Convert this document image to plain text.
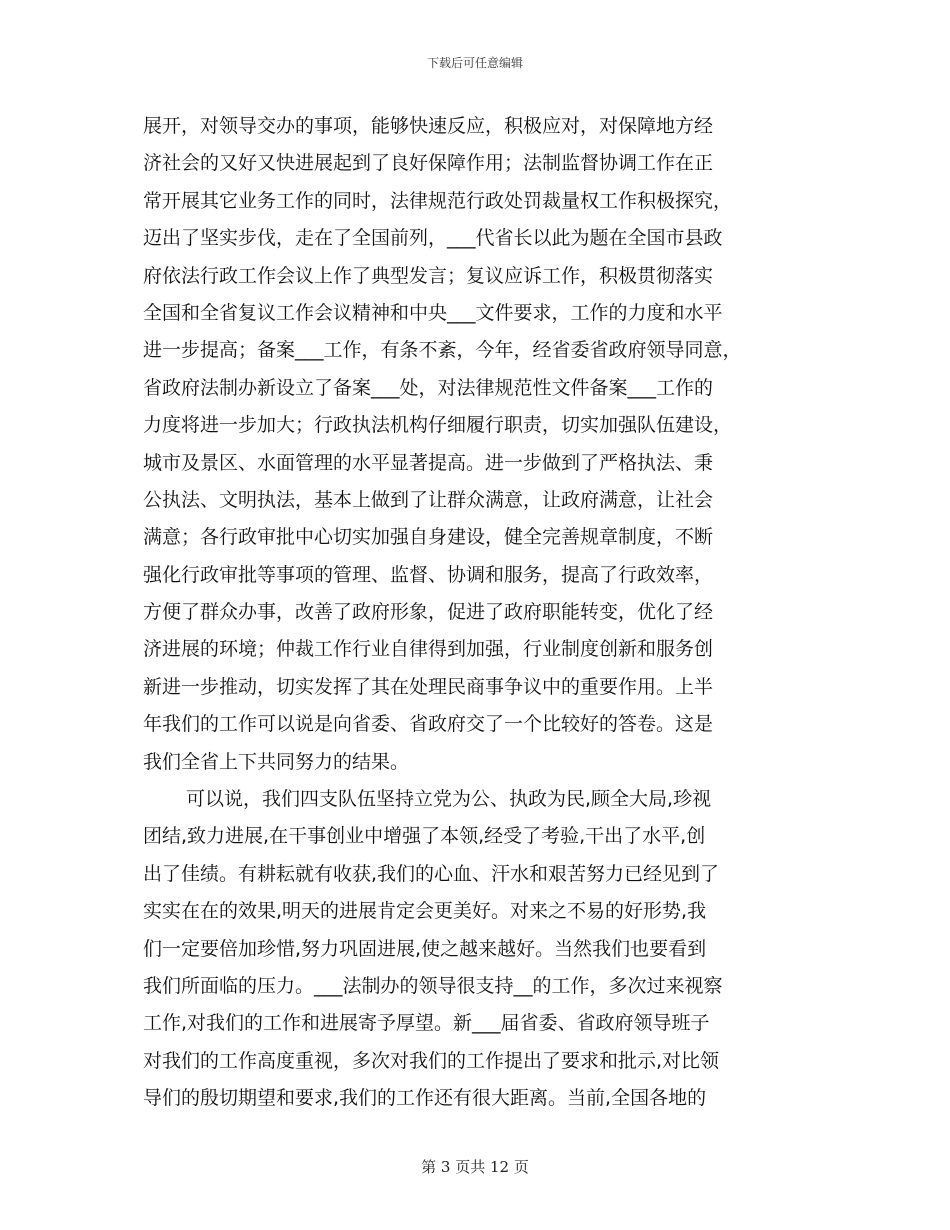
下载后可任意编辑
展开，对领导交办的事项，能够快速反应，积极应对，对保障地方经
济社会的又好又快进展起到了良好保障作用；法制监督协调工作在正
常开展其它业务工作的同时，法律规范行政处罚裁量权工作积极探究，
迈出了坚实步伐，走在了全国前列，___代省长以此为题在全国市县政
府依法行政工作会议上作了典型发言；复议应诉工作，积极贯彻落实
全国和全省复议工作会议精神和中央___文件要求，工作的力度和水平
进一步提高；备案___工作，有条不紊，今年，经省委省政府领导同意，
省政府法制办新设立了备案___处，对法律规范性文件备案___工作的
力度将进一步加大；行政执法机构仔细履行职责，切实加强队伍建设，
城市及景区、水面管理的水平显著提高。进一步做到了严格执法、秉
公执法、文明执法，基本上做到了让群众满意，让政府满意，让社会
满意；各行政审批中心切实加强自身建设，健全完善规章制度，不断
强化行政审批等事项的管理、监督、协调和服务，提高了行政效率，
方便了群众办事，改善了政府形象，促进了政府职能转变，优化了经
济进展的环境；仲裁工作行业自律得到加强，行业制度创新和服务创
新进一步推动，切实发挥了其在处理民商事争议中的重要作用。上半
年我们的工作可以说是向省委、省政府交了一个比较好的答卷。这是
我们全省上下共同努力的结果。
可以说，我们四支队伍坚持立党为公、执政为民,顾全大局,珍视
团结,致力进展,在干事创业中增强了本领,经受了考验,干出了水平,创
出了佳绩。有耕耘就有收获,我们的心血、汗水和艰苦努力已经见到了
实实在在的效果,明天的进展肯定会更美好。对来之不易的好形势,我
们一定要倍加珍惜,努力巩固进展,使之越来越好。当然我们也要看到
我们所面临的压力。___法制办的领导很支持__的工作，多次过来视察
工作,对我们的工作和进展寄予厚望。新___届省委、省政府领导班子
对我们的工作高度重视，多次对我们的工作提出了要求和批示,对比领
导们的殷切期望和要求,我们的工作还有很大距离。当前,全国各地的
第 3 页共 12 页
